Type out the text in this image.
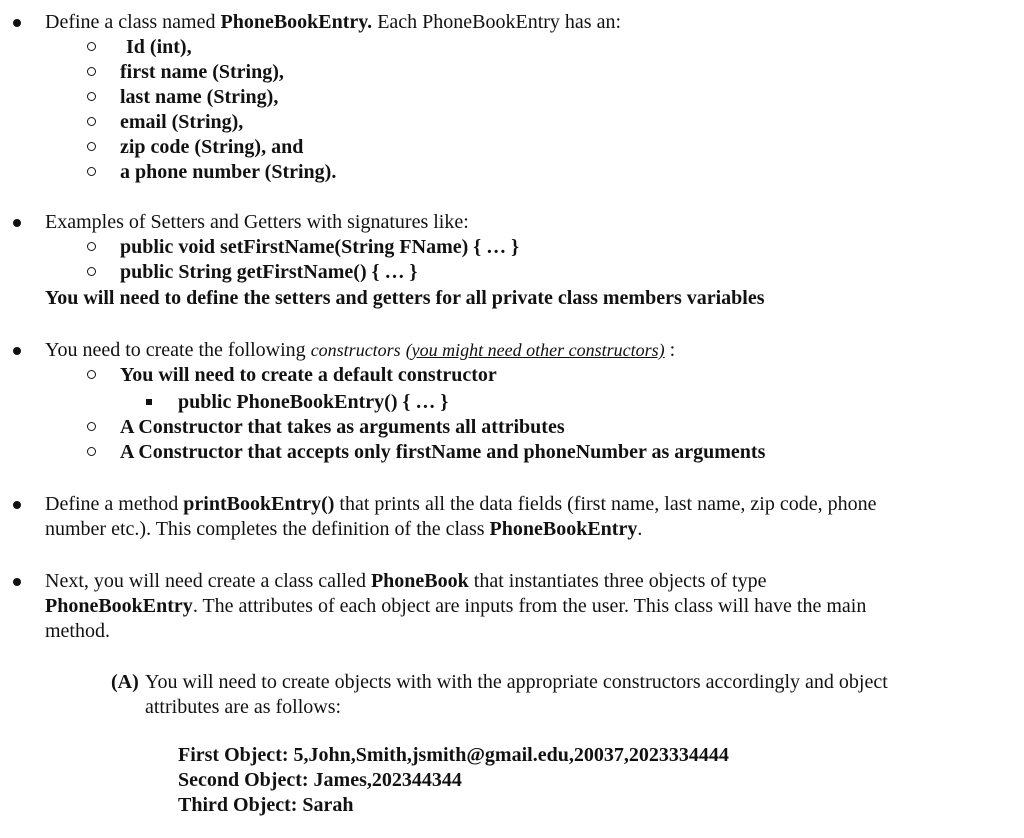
Define a class named PhoneBookEntry. Each PhoneBookEntry has an:
Id (int),
first name (String),
last name (String),
email (String),
zip code (String), and
a phone number (String).
Examples of Setters and Getters with signatures like:
public void setFirstName(String FName) { … }
public String getFirstName() { … }
You will need to define the setters and getters for all private class members variables
You need to create the following constructors (you might need other constructors) :
You will need to create a default constructor
public PhoneBookEntry() { … }
A Constructor that takes as arguments all attributes
A Constructor that accepts only firstName and phoneNumber as arguments
Define a method printBookEntry() that prints all the data fields (first name, last name, zip code, phone number etc.). This completes the definition of the class PhoneBookEntry.
Next, you will need create a class called PhoneBook that instantiates three objects of type PhoneBookEntry. The attributes of each object are inputs from the user. This class will have the main method.
(A) You will need to create objects with with the appropriate constructors accordingly and object attributes are as follows:
First Object: 5,John,Smith,jsmith@gmail.edu,20037,2023334444
Second Object: James,202344344
Third Object: Sarah
